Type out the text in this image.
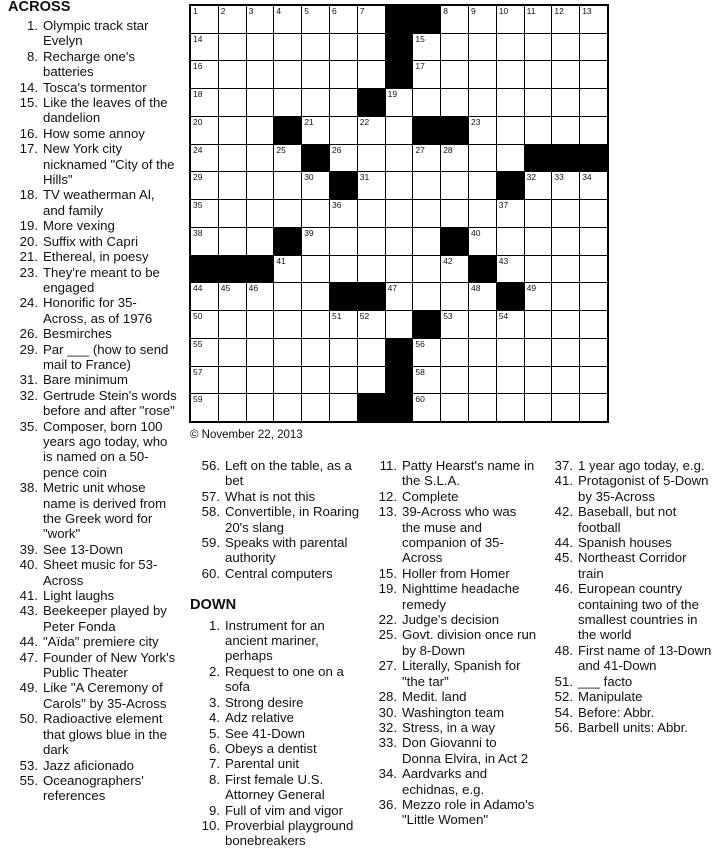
ACROSS
1. Olympic track star
Evelyn
8. Recharge one's
batteries
14. Tosca's tormentor
15. Like the leaves of the
dandelion
16. How some annoy
17. New York city
nicknamed "City of the
Hills"
18. TV weatherman Al,
and family
19. More vexing
20. Suffix with Capri
21. Ethereal, in poesy
23. They're meant to be
engaged
24. Honorific for 35-
Across, as of 1976
26. Besmirches
29. Par ___ (how to send
mail to France)
31. Bare minimum
32. Gertrude Stein's words
before and after "rose"
35. Composer, born 100
years ago today, who
is named on a 50-
pence coin
38. Metric unit whose
name is derived from
the Greek word for
"work"
39. See 13-Down
40. Sheet music for 53-
Across
41. Light laughs
43. Beekeeper played by
Peter Fonda
44. "Aïda" premiere city
47. Founder of New York's
Public Theater
49. Like "A Ceremony of
Carols" by 35-Across
50. Radioactive element
that glows blue in the
dark
53. Jazz aficionado
55. Oceanographers'
references
1	2	3	4	5	6	7	8	9	10 11 12 13
14	15
16	17
18	19
20	21	22	23
24	25	26	27 28
29	30	31	32 33 34
35	36	37
38	39	40
41	42	43
44 45 46	47	48	49
50	51 52	53	54
55	56
57	58
59	60
© November 22, 2013
56. Left on the table, as a
bet
57. What is not this
58. Convertible, in Roaring
20's slang
59. Speaks with parental
authority
60. Central computers
DOWN
1. Instrument for an
ancient mariner,
perhaps
2. Request to one on a
sofa
3. Strong desire
4. Adz relative
5. See 41-Down
6. Obeys a dentist
7. Parental unit
8. First female U.S.
Attorney General
9. Full of vim and vigor
10. Proverbial playground
bonebreakers
11. Patty Hearst's name in
the S.L.A.
12. Complete
13. 39-Across who was
the muse and
companion of 35-
Across
15. Holler from Homer
19. Nighttime headache
remedy
22. Judge's decision
25. Govt. division once run
by 8-Down
27. Literally, Spanish for
"the tar"
28. Medit. land
30. Washington team
32. Stress, in a way
33. Don Giovanni to
Donna Elvira, in Act 2
34. Aardvarks and
echidnas, e.g.
36. Mezzo role in Adamo's
"Little Women"
37. 1 year ago today, e.g.
41. Protagonist of 5-Down
by 35-Across
42. Baseball, but not
football
44. Spanish houses
45. Northeast Corridor
train
46. European country
containing two of the
smallest countries in
the world
48. First name of 13-Down
and 41-Down
51. ___ facto
52. Manipulate
54. Before: Abbr.
56. Barbell units: Abbr.
